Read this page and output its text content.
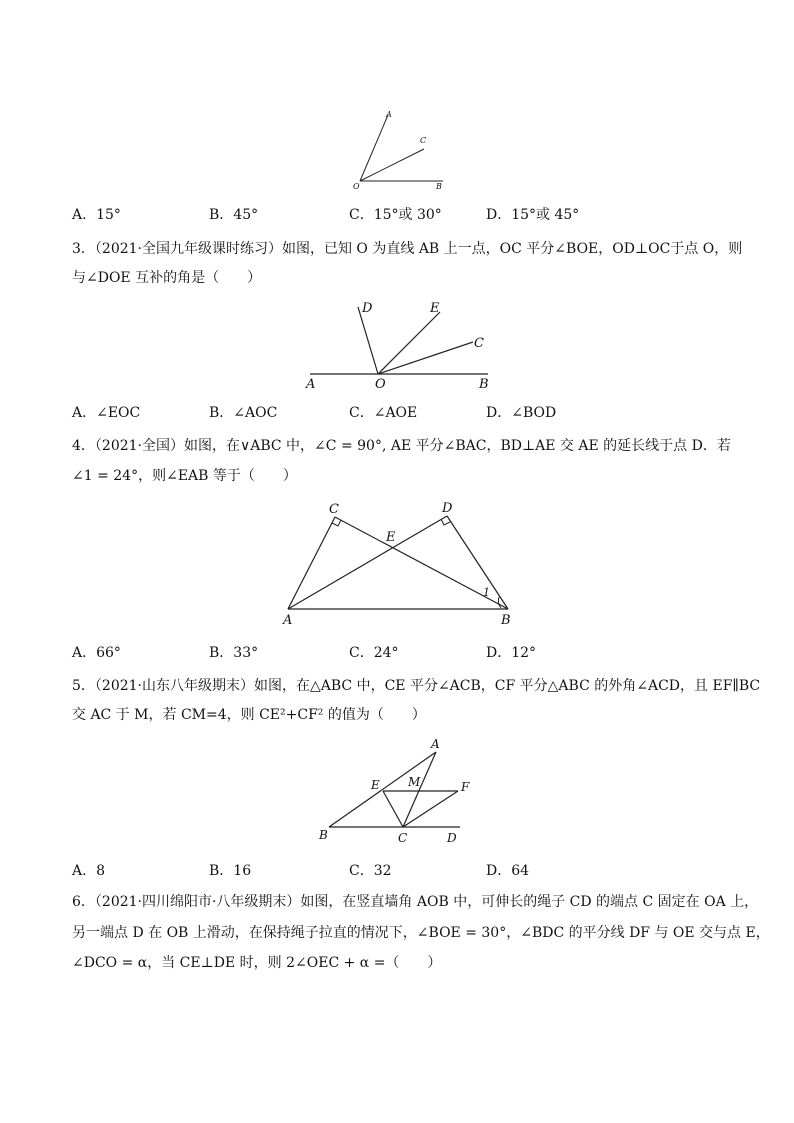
A
C
O	B
A．15°	B．45°	C．15°或 30°	D．15°或 45°
3．（2021·全国九年级课时练习）如图，已知 O 为直线 AB 上一点，OC 平分∠BOE，OD⊥OC于点 O，则
与∠DOE 互补的角是（　　）
D	E
C
A	O	B
A．∠EOC	B．∠AOC	C．∠AOE	D．∠BOD
4．（2021·全国）如图，在∨ABC 中，∠C = 90°, AE 平分∠BAC，BD⊥AE 交 AE 的延长线于点 D．若
∠1 = 24°，则∠EAB 等于（　　）
C	D
E
1
A	B
A．66°	B．33°	C．24°	D．12°
5．（2021·山东八年级期末）如图，在△ABC 中，CE 平分∠ACB，CF 平分△ABC 的外角∠ACD，且 EF∥BC
交 AC 于 M，若 CM=4，则 CE²+CF² 的值为（　　）
A
E M	F
B	C	D
A．8	B．16	C．32	D．64
6．（2021·四川绵阳市·八年级期末）如图，在竖直墙角 AOB 中，可伸长的绳子 CD 的端点 C 固定在 OA 上，
另一端点 D 在 OB 上滑动，在保持绳子拉直的情况下，∠BOE = 30°，∠BDC 的平分线 DF 与 OE 交与点 E，
∠DCO = α，当 CE⊥DE 时，则 2∠OEC + α =（　　）
